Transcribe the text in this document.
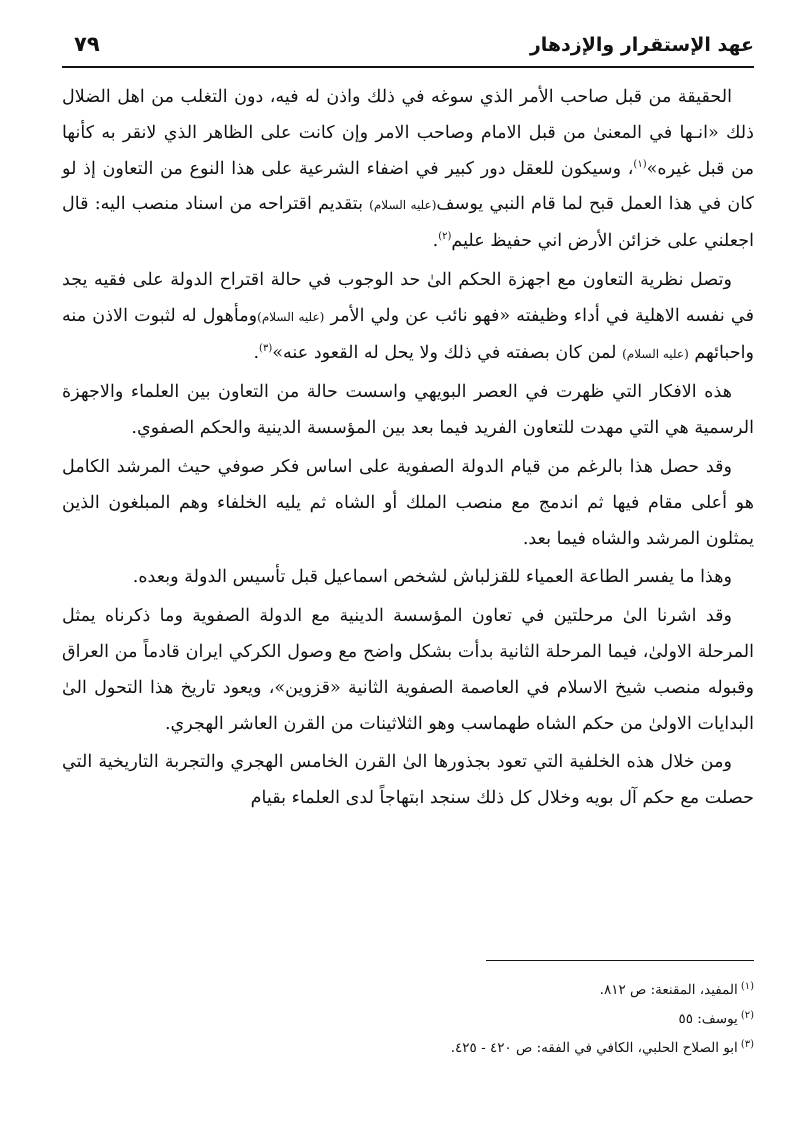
عهد الإستقرار والإزدهار
٧٩

الحقيقة من قبل صاحب الأمر الذي سوغه في ذلك واذن له فيه، دون التغلب من اهل الضلال ذلك «انـها في المعنىٰ من قبل الامام وصاحب الامر وإن كانت على الظاهر الذي لانقر به كأنها من قبل غيره»$^{(١)}$، وسيكون للعقل دور كبير في اضفاء الشرعية على هذا النوع من التعاون إذ لو كان في هذا العمل قبح لما قام النبي يوسف(عليه السلام) بتقديم اقتراحه من اسناد منصب اليه: قال اجعلني على خزائن الأرض اني حفيظ عليم$^{(٢)}$.

وتصل نظرية التعاون مع اجهزة الحكم الىٰ حد الوجوب في حالة اقتراح الدولة على فقيه يجد في نفسه الاهلية في أداء وظيفته «فهو نائب عن ولي الأمر (عليه السلام)ومأهول له لثبوت الاذن منه واحبائهم (عليه السلام) لمن كان بصفته في ذلك ولا يحل له القعود عنه»$^{(٣)}$.

هذه الافكار التي ظهرت في العصر البويهي واسست حالة من التعاون بين العلماء والاجهزة الرسمية هي التي مهدت للتعاون الفريد فيما بعد بين المؤسسة الدينية والحكم الصفوي.

وقد حصل هذا بالرغم من قيام الدولة الصفوية على اساس فكر صوفي حيث المرشد الكامل هو أعلى مقام فيها ثم اندمج مع منصب الملك أو الشاه ثم يليه الخلفاء وهم المبلغون الذين يمثلون المرشد والشاه فيما بعد.

وهذا ما يفسر الطاعة العمياء للقزلباش لشخص اسماعيل قبل تأسيس الدولة وبعده.

وقد اشرنا الىٰ مرحلتين في تعاون المؤسسة الدينية مع الدولة الصفوية وما ذكرناه يمثل المرحلة الاولىٰ، فيما المرحلة الثانية بدأت بشكل واضح مع وصول الكركي ايران قادماً من العراق وقبوله منصب شيخ الاسلام في العاصمة الصفوية الثانية «قزوين»، ويعود تاريخ هذا التحول الىٰ البدايات الاولىٰ من حكم الشاه طهماسب وهو الثلاثينات من القرن العاشر الهجري.

ومن خلال هذه الخلفية التي تعود بجذورها الىٰ القرن الخامس الهجري والتجربة التاريخية التي حصلت مع حكم آل بويه وخلال كل ذلك سنجد ابتهاجاً لدى العلماء بقيام

$^{(١)}$المفيد، المقنعة: ص ٨١٢.

$^{(٢)}$يوسف: ٥٥

$^{(٣)}$ابو الصلاح الحلبي، الكافي في الفقه: ص ٤٢٠ - ٤٢٥.
